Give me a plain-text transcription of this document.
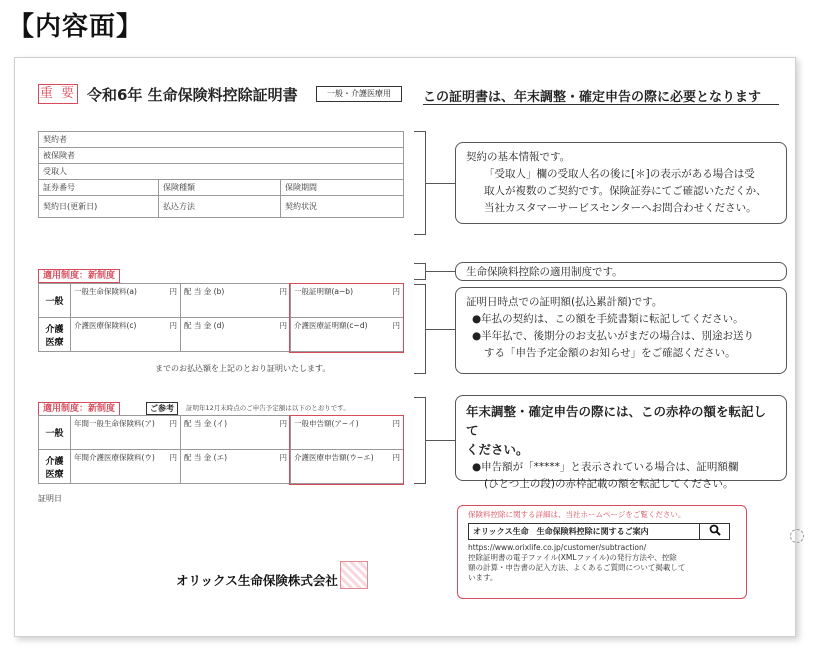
【内容面】
重 要 令和6年 生命保険料控除証明書	一般・介護医療用	この証明書は、年末調整・確定申告の際に必要となります
契約者		
被保険者		
受取人		
証券番号	保険種類	保険期間
契約日(更新日)	払込方法	契約状況
適用制度：新制度
一般	一般生命保険料(a) 円	配 当 金 (b) 円	一般証明額(a−b) 円

介護医療	介護医療保険料(c) 円	配 当 金 (d) 円	介護医療証明額(c−d) 円
までのお払込額を上記のとおり証明いたします。
適用制度：新制度	ご参考	証明年12月末時点のご申告予定額は以下のとおりです。
一般	年間一般生命保険料(ア) 円	配 当 金 (イ) 円	一般申告額(ア−イ) 円

介護医療	年間介護医療保険料(ウ) 円	配 当 金 (エ) 円	介護医療申告額(ウ−エ) 円
証明日
オリックス生命保険株式会社
契約の基本情報です。
「受取人」欄の受取人名の後に[＊]の表示がある場合は受
取人が複数のご契約です。保険証券にてご確認いただくか、
当社カスタマーサービスセンターへお問合わせください。
生命保険料控除の適用制度です。
証明日時点での証明額(払込累計額)です。
●年払の契約は、この額を手続書類に転記してください。
●半年払で、後期分のお支払いがまだの場合は、別途お送り
する「申告予定金額のお知らせ」をご確認ください。
年末調整・確定申告の際には、この赤枠の額を転記して
ください。
●申告額が「*****」と表示されている場合は、証明額欄
(ひとつ上の段)の赤枠記載の額を転記してください。
保険料控除に関する詳細は、当社ホームページをご覧ください。
オリックス生命　生命保険料控除に関するご案内
https://www.orixlife.co.jp/customer/subtraction/
控除証明書の電子ファイル(XMLファイル)の発行方法や、控除
額の計算・申告書の記入方法、よくあるご質問について掲載して
います。
